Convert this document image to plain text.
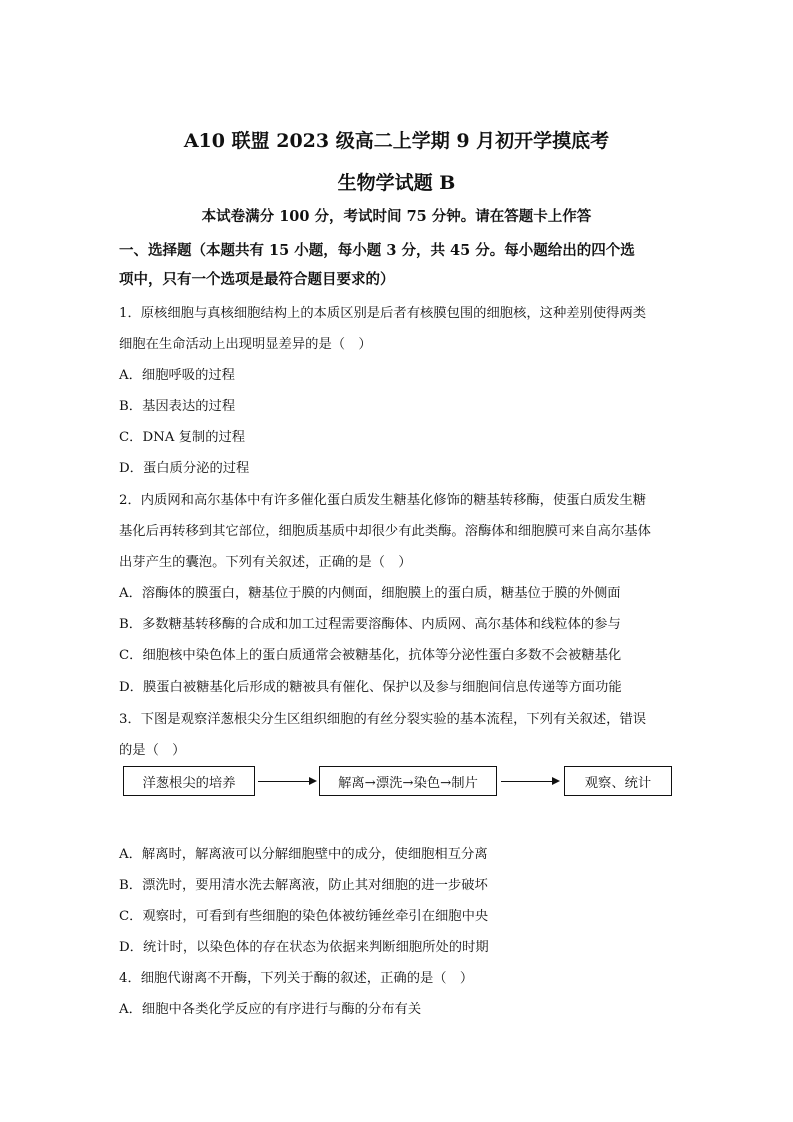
A10 联盟 2023 级高二上学期 9 月初开学摸底考
生物学试题 B
本试卷满分 100 分，考试时间 75 分钟。请在答题卡上作答
一、选择题（本题共有 15 小题，每小题 3 分，共 45 分。每小题给出的四个选
项中，只有一个选项是最符合题目要求的）
1．原核细胞与真核细胞结构上的本质区别是后者有核膜包围的细胞核，这种差别使得两类
细胞在生命活动上出现明显差异的是（　）
A．细胞呼吸的过程
B．基因表达的过程
C．DNA 复制的过程
D．蛋白质分泌的过程
2．内质网和高尔基体中有许多催化蛋白质发生糖基化修饰的糖基转移酶，使蛋白质发生糖
基化后再转移到其它部位，细胞质基质中却很少有此类酶。溶酶体和细胞膜可来自高尔基体
出芽产生的囊泡。下列有关叙述，正确的是（　）
A．溶酶体的膜蛋白，糖基位于膜的内侧面，细胞膜上的蛋白质，糖基位于膜的外侧面
B．多数糖基转移酶的合成和加工过程需要溶酶体、内质网、高尔基体和线粒体的参与
C．细胞核中染色体上的蛋白质通常会被糖基化，抗体等分泌性蛋白多数不会被糖基化
D．膜蛋白被糖基化后形成的糖被具有催化、保护以及参与细胞间信息传递等方面功能
3．下图是观察洋葱根尖分生区组织细胞的有丝分裂实验的基本流程，下列有关叙述，错误
的是（　）
洋葱根尖的培养	解离→漂洗→染色→制片	观察、统计
A．解离时，解离液可以分解细胞壁中的成分，使细胞相互分离
B．漂洗时，要用清水洗去解离液，防止其对细胞的进一步破坏
C．观察时，可看到有些细胞的染色体被纺锤丝牵引在细胞中央
D．统计时，以染色体的存在状态为依据来判断细胞所处的时期
4．细胞代谢离不开酶，下列关于酶的叙述，正确的是（　）
A．细胞中各类化学反应的有序进行与酶的分布有关
